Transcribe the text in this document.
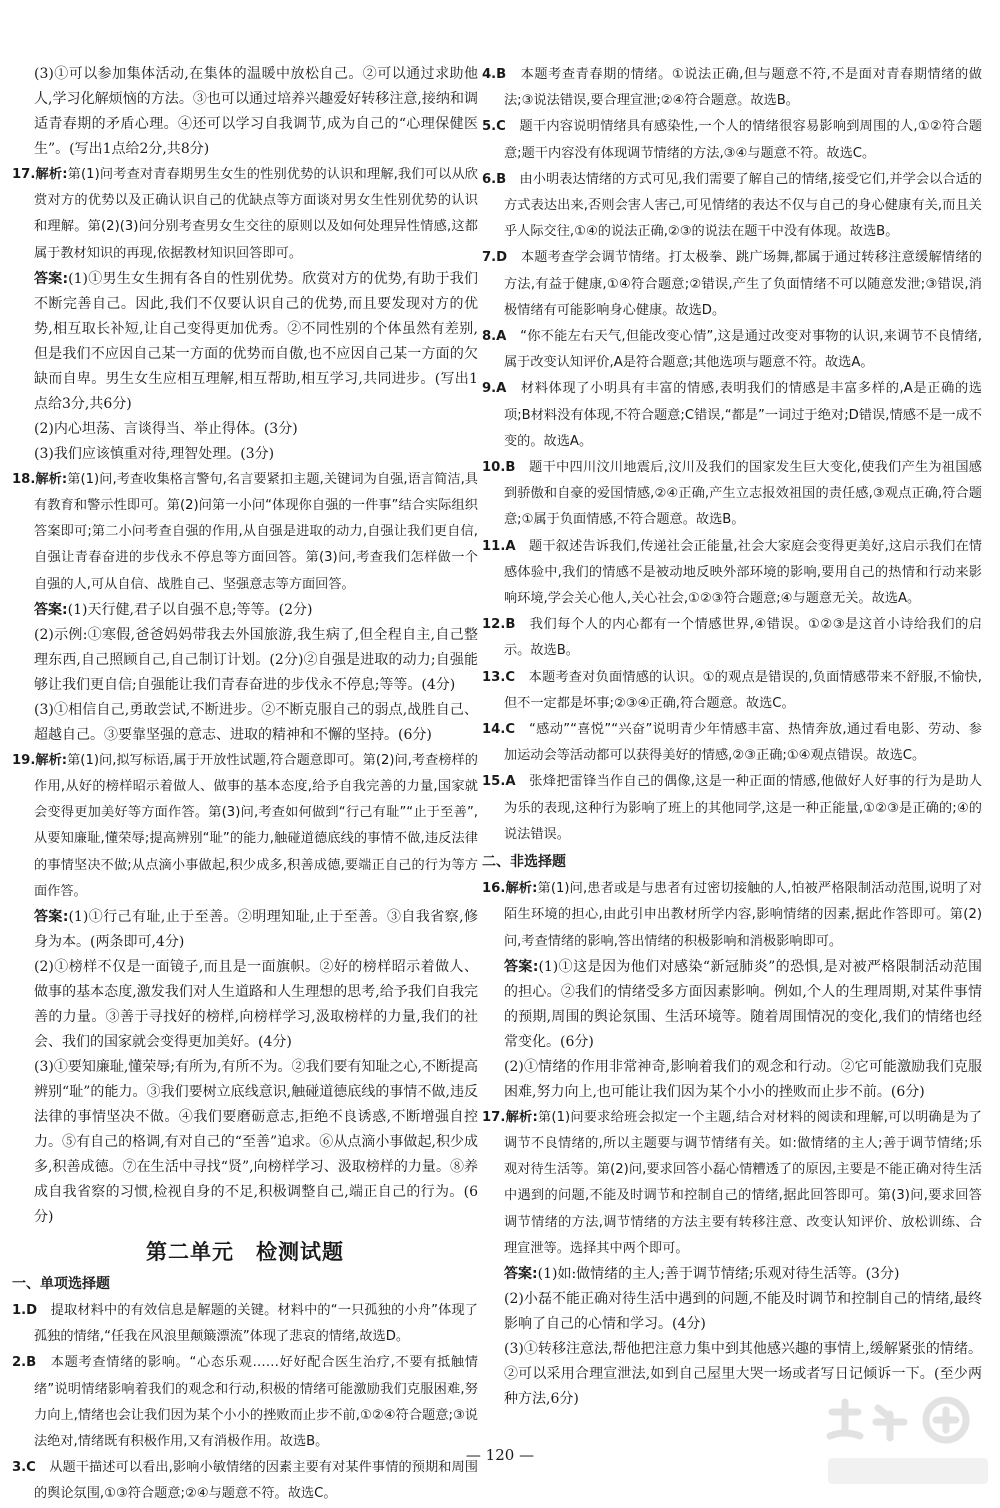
(3)①可以参加集体活动,在集体的温暖中放松自己。②可以通过求助他人,学习化解烦恼的方法。③也可以通过培养兴趣爱好转移注意,接纳和调适青春期的矛盾心理。④还可以学习自我调节,成为自己的“心理保健医生”。(写出1点给2分,共8分)

17.解析:第(1)问考查对青春期男生女生的性别优势的认识和理解,我们可以从欣赏对方的优势以及正确认识自己的优缺点等方面谈对男女生性别优势的认识和理解。第(2)(3)问分别考查男女生交往的原则以及如何处理异性情感,这都属于教材知识的再现,依据教材知识回答即可。

答案:(1)①男生女生拥有各自的性别优势。欣赏对方的优势,有助于我们不断完善自己。因此,我们不仅要认识自己的优势,而且要发现对方的优势,相互取长补短,让自己变得更加优秀。②不同性别的个体虽然有差别,但是我们不应因自己某一方面的优势而自傲,也不应因自己某一方面的欠缺而自卑。男生女生应相互理解,相互帮助,相互学习,共同进步。(写出1点给3分,共6分)

(2)内心坦荡、言谈得当、举止得体。(3分)

(3)我们应该慎重对待,理智处理。(3分)

18.解析:第(1)问,考查收集格言警句,名言要紧扣主题,关键词为自强,语言简洁,具有教育和警示性即可。第(2)问第一小问“体现你自强的一件事”结合实际组织答案即可;第二小问考查自强的作用,从自强是进取的动力,自强让我们更自信,自强让青春奋进的步伐永不停息等方面回答。第(3)问,考查我们怎样做一个自强的人,可从自信、战胜自己、坚强意志等方面回答。

答案:(1)天行健,君子以自强不息;等等。(2分)

(2)示例:①寒假,爸爸妈妈带我去外国旅游,我生病了,但全程自主,自己整理东西,自己照顾自己,自己制订计划。(2分)②自强是进取的动力;自强能够让我们更自信;自强能让我们青春奋进的步伐永不停息;等等。(4分)

(3)①相信自己,勇敢尝试,不断进步。②不断克服自己的弱点,战胜自己、超越自己。③要靠坚强的意志、进取的精神和不懈的坚持。(6分)

19.解析:第(1)问,拟写标语,属于开放性试题,符合题意即可。第(2)问,考查榜样的作用,从好的榜样昭示着做人、做事的基本态度,给予自我完善的力量,国家就会变得更加美好等方面作答。第(3)问,考查如何做到“行己有耻”“止于至善”,从要知廉耻,懂荣辱;提高辨别“耻”的能力,触碰道德底线的事情不做,违反法律的事情坚决不做;从点滴小事做起,积少成多,积善成德,要端正自己的行为等方面作答。

答案:(1)①行己有耻,止于至善。②明理知耻,止于至善。③自我省察,修身为本。(两条即可,4分)

(2)①榜样不仅是一面镜子,而且是一面旗帜。②好的榜样昭示着做人、做事的基本态度,激发我们对人生道路和人生理想的思考,给予我们自我完善的力量。③善于寻找好的榜样,向榜样学习,汲取榜样的力量,我们的社会、我们的国家就会变得更加美好。(4分)

(3)①要知廉耻,懂荣辱;有所为,有所不为。②我们要有知耻之心,不断提高辨别“耻”的能力。③我们要树立底线意识,触碰道德底线的事情不做,违反法律的事情坚决不做。④我们要磨砺意志,拒绝不良诱惑,不断增强自控力。⑤有自己的格调,有对自己的“至善”追求。⑥从点滴小事做起,积少成多,积善成德。⑦在生活中寻找“贤”,向榜样学习、汲取榜样的力量。⑧养成自我省察的习惯,检视自身的不足,积极调整自己,端正自己的行为。(6分)

第二单元　检测试题
一、单项选择题

1.D　提取材料中的有效信息是解题的关键。材料中的“一只孤独的小舟”体现了孤独的情绪,“任我在风浪里颠簸漂流”体现了悲哀的情绪,故选D。

2.B　本题考查情绪的影响。“心态乐观……好好配合医生治疗,不要有抵触情绪”说明情绪影响着我们的观念和行动,积极的情绪可能激励我们克服困难,努力向上,情绪也会让我们因为某个小小的挫败而止步不前,①②④符合题意;③说法绝对,情绪既有积极作用,又有消极作用。故选B。

3.C　从题干描述可以看出,影响小敏情绪的因素主要有对某件事情的预期和周围的舆论氛围,①③符合题意;②④与题意不符。故选C。

4.B　本题考查青春期的情绪。①说法正确,但与题意不符,不是面对青春期情绪的做法;③说法错误,要合理宣泄;②④符合题意。故选B。

5.C　题干内容说明情绪具有感染性,一个人的情绪很容易影响到周围的人,①②符合题意;题干内容没有体现调节情绪的方法,③④与题意不符。故选C。

6.B　由小明表达情绪的方式可见,我们需要了解自己的情绪,接受它们,并学会以合适的方式表达出来,否则会害人害己,可见情绪的表达不仅与自己的身心健康有关,而且关乎人际交往,①④的说法正确,②③的说法在题干中没有体现。故选B。

7.D　本题考查学会调节情绪。打太极拳、跳广场舞,都属于通过转移注意缓解情绪的方法,有益于健康,①④符合题意;②错误,产生了负面情绪不可以随意发泄;③错误,消极情绪有可能影响身心健康。故选D。

8.A　“你不能左右天气,但能改变心情”,这是通过改变对事物的认识,来调节不良情绪,属于改变认知评价,A是符合题意;其他选项与题意不符。故选A。

9.A　材料体现了小明具有丰富的情感,表明我们的情感是丰富多样的,A是正确的选项;B材料没有体现,不符合题意;C错误,“都是”一词过于绝对;D错误,情感不是一成不变的。故选A。

10.B　题干中四川汶川地震后,汶川及我们的国家发生巨大变化,使我们产生为祖国感到骄傲和自豪的爱国情感,②④正确,产生立志报效祖国的责任感,③观点正确,符合题意;①属于负面情感,不符合题意。故选B。

11.A　题干叙述告诉我们,传递社会正能量,社会大家庭会变得更美好,这启示我们在情感体验中,我们的情感不是被动地反映外部环境的影响,要用自己的热情和行动来影响环境,学会关心他人,关心社会,①②③符合题意;④与题意无关。故选A。

12.B　我们每个人的内心都有一个情感世界,④错误。①②③是这首小诗给我们的启示。故选B。

13.C　本题考查对负面情感的认识。①的观点是错误的,负面情感带来不舒服,不愉快,但不一定都是坏事;②③④正确,符合题意。故选C。

14.C　“感动”“喜悦”“兴奋”说明青少年情感丰富、热情奔放,通过看电影、劳动、参加运动会等活动都可以获得美好的情感,②③正确;①④观点错误。故选C。

15.A　张烽把雷锋当作自己的偶像,这是一种正面的情感,他做好人好事的行为是助人为乐的表现,这种行为影响了班上的其他同学,这是一种正能量,①②③是正确的;④的说法错误。

二、非选择题

16.解析:第(1)问,患者或是与患者有过密切接触的人,怕被严格限制活动范围,说明了对陌生环境的担心,由此引申出教材所学内容,影响情绪的因素,据此作答即可。第(2)问,考查情绪的影响,答出情绪的积极影响和消极影响即可。

答案:(1)①这是因为他们对感染“新冠肺炎”的恐惧,是对被严格限制活动范围的担心。②我们的情绪受多方面因素影响。例如,个人的生理周期,对某件事情的预期,周围的舆论氛围、生活环境等。随着周围情况的变化,我们的情绪也经常变化。(6分)

(2)①情绪的作用非常神奇,影响着我们的观念和行动。②它可能激励我们克服困难,努力向上,也可能让我们因为某个小小的挫败而止步不前。(6分)

17.解析:第(1)问要求给班会拟定一个主题,结合对材料的阅读和理解,可以明确是为了调节不良情绪的,所以主题要与调节情绪有关。如:做情绪的主人;善于调节情绪;乐观对待生活等。第(2)问,要求回答小磊心情糟透了的原因,主要是不能正确对待生活中遇到的问题,不能及时调节和控制自己的情绪,据此回答即可。第(3)问,要求回答调节情绪的方法,调节情绪的方法主要有转移注意、改变认知评价、放松训练、合理宣泄等。选择其中两个即可。

答案:(1)如:做情绪的主人;善于调节情绪;乐观对待生活等。(3分)

(2)小磊不能正确对待生活中遇到的问题,不能及时调节和控制自己的情绪,最终影响了自己的心情和学习。(4分)

(3)①转移注意法,帮他把注意力集中到其他感兴趣的事情上,缓解紧张的情绪。②可以采用合理宣泄法,如到自己屋里大哭一场或者写日记倾诉一下。(至少两种方法,6分)

— 120 —
